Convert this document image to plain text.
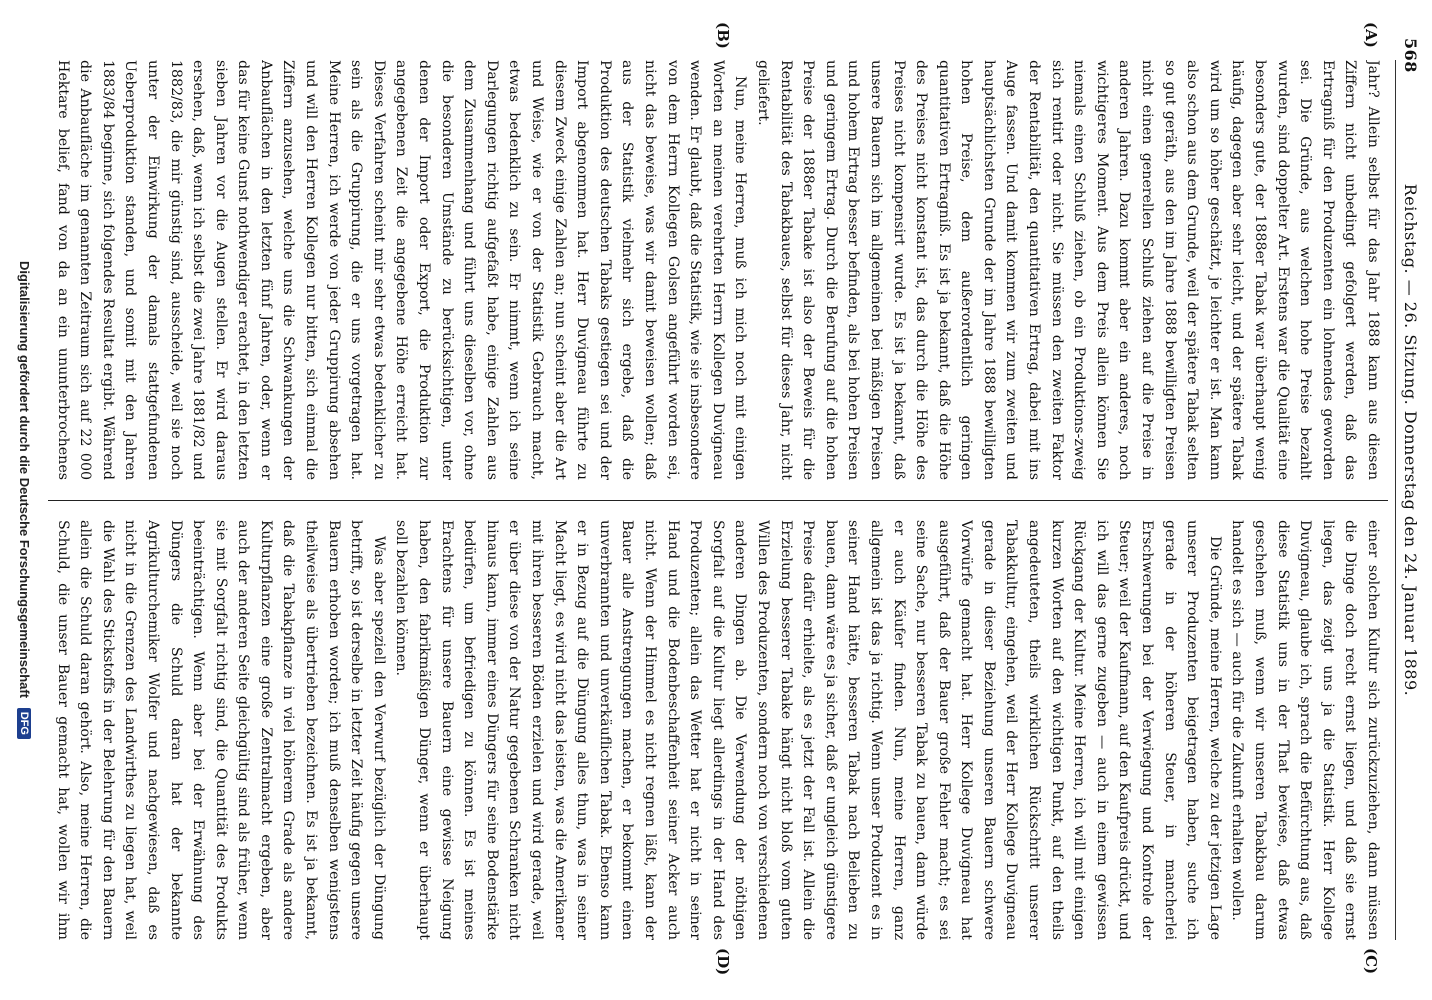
568
Reichstag. — 26. Sitzung. Donnerstag den 24. Januar 1889.
(A)
(B)
(C)
(D)

Jahr? Allein selbst für das Jahr 1888 kann aus diesen Ziffern nicht unbedingt gefolgert werden, daß das Ertragniß für den Produzenten ein lohnendes geworden sei. Die Gründe, aus welchen hohe Preise bezahlt wurden, sind doppelter Art. Erstens war die Qualität eine besonders gute, der 1888er Tabak war überhaupt wenig häufig, dagegen aber sehr leicht, und der spätere Tabak wird um so höher geschätzt, je leichter er ist. Man kann also schon aus dem Grunde, weil der spätere Tabak selten so gut geräth, aus den im Jahre 1888 bewilligten Preisen nicht einen generellen Schluß ziehen auf die Preise in anderen Jahren. Dazu kommt aber ein anderes, noch wichtigeres Moment. Aus dem Preis allein können Sie niemals einen Schluß ziehen, ob ein Produktions-zweig sich rentirt oder nicht. Sie müssen den zweiten Faktor der Rentabilität, den quantitativen Ertrag, dabei mit ins Auge fassen. Und damit kommen wir zum zweiten und hauptsächlichsten Grunde der im Jahre 1888 bewilligten hohen Preise, dem außerordentlich geringen quantitativen Ertragniß. Es ist ja bekannt, daß die Höhe des Preises nicht konstant ist, das durch die Höhe des Preises nicht kompensirt wurde. Es ist ja bekannt, daß unsere Bauern sich im allgemeinen bei mäßigen Preisen und hohem Ertrag besser befinden, als bei hohen Preisen und geringem Ertrag. Durch die Berufung auf die hohen Preise der 1888er Tabake ist also der Beweis für die Rentabilität des Tabakbaues, selbst für dieses Jahr, nicht geliefert.

Nun, meine Herren, muß ich mich noch mit einigen Worten an meinen verehrten Herrn Kollegen Duvigneau wenden. Er glaubt, daß die Statistik, wie sie insbesondere von dem Herrn Kollegen Golsen angeführt worden sei, nicht das beweise, was wir damit beweisen wollen; daß aus der Statistik vielmehr sich ergebe, daß die Produktion des deutschen Tabaks gestiegen sei und der Import abgenommen hat. Herr Duvigneau führte zu diesem Zweck einige Zahlen an; nun scheint aber die Art und Weise, wie er von der Statistik Gebrauch macht, etwas bedenklich zu sein. Er nimmt, wenn ich seine Darlegungen richtig aufgefaßt habe, einige Zahlen aus dem Zusammenhang und führt uns dieselben vor, ohne die besonderen Umstände zu berücksichtigen, unter denen der Import oder Export, die Produktion zur angegebenen Zeit die angegebene Höhe erreicht hat. Dieses Verfahren scheint mir sehr etwas bedenklicher zu sein als die Gruppirung, die er uns vorgetragen hat. Meine Herren, ich werde von jeder Gruppirung absehen und will den Herren Kollegen nur bitten, sich einmal die Ziffern anzusehen, welche uns die Schwankungen der Anbauflächen in den letzten fünf Jahren, oder, wenn er das für keine Gunst nothwendiger erachtet, in den letzten sieben Jahren vor die Augen stellen. Er wird daraus ersehen, daß, wenn ich selbst die zwei Jahre 1881/82 und 1882/83, die mir günstig sind, ausscheide, weil sie noch unter der Einwirkung der damals stattgefundenen Ueberproduktion standen, und somit mit den Jahren 1883/84 beginne, sich folgendes Resultat ergibt. Während die Anbaufläche im genannten Zeitraum sich auf 22 000 Hektare belief, fand von da an ein ununterbrochenes

einer solchen Kultur sich zurückzuziehen, dann müssen die Dinge doch recht ernst liegen, und daß sie ernst liegen, das zeigt uns ja die Statistik. Herr Kollege Duvigneau, glaube ich, sprach die Befürchtung aus, daß diese Statistik uns in der That bewiese, daß etwas geschehen muß, wenn wir unseren Tabakbau darum handelt es sich — auch für die Zukunft erhalten wollen.

Die Gründe, meine Herren, welche zu der jetzigen Lage unserer Produzenten beigetragen haben, suche ich gerade in der höheren Steuer, in mancherlei Erschwerungen bei der Verwiegung und Kontrole der Steuer; weil der Kaufmann, auf den Kaufpreis drückt, und ich will das gerne zugeben — auch in einem gewissen Rückgang der Kultur. Meine Herren, ich will mit einigen kurzen Worten auf den wichtigen Punkt, auf den theils angedeuteten, theils wirklichen Rückschritt unserer Tabakkultur, eingehen, weil der Herr Kollege Duvigneau gerade in dieser Beziehung unseren Bauern schwere Vorwürfe gemacht hat. Herr Kollege Duvigneau hat ausgeführt, daß der Bauer große Fehler macht; es sei seine Sache, nur besseren Tabak zu bauen, dann würde er auch Käufer finden. Nun, meine Herren, ganz allgemein ist das ja richtig. Wenn unser Produzent es in seiner Hand hätte, besseren Tabak nach Belieben zu bauen, dann wäre es ja sicher, daß er ungleich günstigere Preise dafür erhielte, als es jetzt der Fall ist. Allein die Erzielung besserer Tabake hängt nicht bloß vom guten Willen des Produzenten, sondern noch von verschiedenen anderen Dingen ab. Die Verwendung der nöthigen Sorgfalt auf die Kultur liegt allerdings in der Hand des Produzenten; allein das Wetter hat er nicht in seiner Hand und die Bodenbeschaffenheit seiner Acker auch nicht. Wenn der Himmel es nicht regnen läßt, kann der Bauer alle Anstrengungen machen, er bekommt einen unverbrannten und unverkäuflichen Tabak. Ebenso kann er in Bezug auf die Düngung alles thun, was in seiner Macht liegt, es wird nicht das leisten, was die Amerikaner mit ihren besseren Böden erzielen und wird gerade, weil er über diese von der Natur gegebenen Schranken nicht hinaus kann, immer eines Düngers für seine Bodenstärke bedürfen, um befriedigen zu können. Es ist meines Erachtens für unsere Bauern eine gewisse Neigung haben, den fabrikmäßigen Dünger, wenn er überhaupt soll bezahlen können.

Was aber speziell den Verwurf bezüglich der Düngung betrifft, so ist derselbe in letzter Zeit häufig gegen unsere Bauern erhoben worden; ich muß denselben wenigstens theilweise als übertrieben bezeichnen. Es ist ja bekannt, daß die Tabakpflanze in viel höherem Grade als andere Kulturpflanzen eine große Zentralmacht ergeben, aber auch der anderen Seite gleichgültig sind als früher, wenn sie mit Sorgfalt richtig sind, die Quantität des Produkts beeinträchtigen. Wenn aber bei der Erwähnung des Düngers die Schuld daran hat der bekannte Agrikulturchemiker Wolfer und nachgewiesen, daß es nicht in die Grenzen des Landwirthes zu liegen hat, weil die Wahl des Stickstoffs in der Belehrung für den Bauern allein die Schuld daran gehört. Also, meine Herren, die Schuld, die unser Bauer gemacht hat, wollen wir ihm

Digitalisierung gefördert durch die Deutsche Forschungsgemeinschaft DFG
